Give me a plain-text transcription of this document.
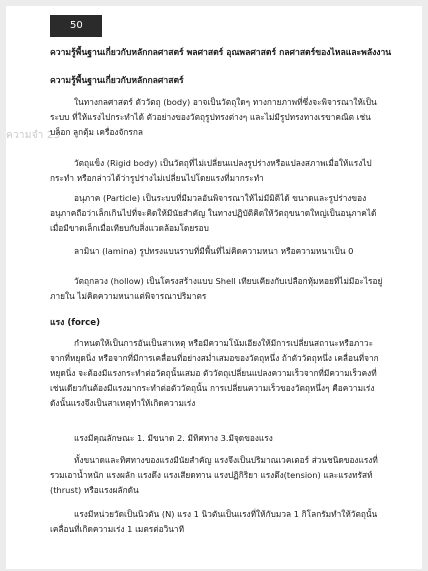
50
ความจำ 23
ความรู้พื้นฐานเกี่ยวกับหลักกลศาสตร์ พลศาสตร์ อุณพลศาสตร์ กลศาสตร์ของไหลและพลังงาน
ความรู้พื้นฐานเกี่ยวกับหลักกลศาสตร์
ในทางกลศาสตร์ ตัววัตถุ (body) อาจเป็นวัตถุใดๆ ทางกายภาพที่ซึ่งจะพิจารณาให้เป็นระบบ ที่ให้แรงไปกระทำได้ ตัวอย่างของวัตถุรูปทรงต่างๆ และไม่มีรูปทรงทางเรขาคณิต เช่น บล็อก ลูกตุ้ม เครื่องจักรกล
วัตถุแข็ง (Rigid body) เป็นวัตถุที่ไม่เปลี่ยนแปลงรูปร่างหรือแปลงสภาพเมื่อให้แรงไปกระทำ หรือกล่าวได้ว่ารูปร่างไม่เปลี่ยนไปโดยแรงที่มากระทำ
อนุภาค (Particle) เป็นระบบที่มีมวลอันพิจารณาให้ไม่มีมิติได้ ขนาดและรูปร่างของอนุภาคถือว่าเล็กเกินไปที่จะคิดให้มีนัยสำคัญ ในทางปฏิบัติคิดให้วัตถุขนาดใหญ่เป็นอนุภาคได้เมื่อมีขาดเล็กเมื่อเทียบกับสิ่งแวดล้อมโดยรอบ
ลามินา (lamina) รูปทรงแบนราบที่มีพื้นที่ไม่คิดความหนา หรือความหนาเป็น 0
วัตถุกลวง (hollow) เป็นโครงสร้างแบบ Shell เทียบเคียงกับเปลือกหุ้มหอยที่ไม่มีอะไรอยู่ภายใน ไม่คิดความหนาแต่พิจารณาปริมาตร
แรง (force)
กำหนดให้เป็นการอันเป็นสาเหตุ หรือมีความโน้มเอียงให้มีการเปลี่ยนสถานะหรือภาวะจากที่หยุดนิ่ง หรือจากที่มีการเคลื่อนที่อย่างสม่ำเสมอของวัตถุหนึ่ง ถ้าตัววัตถุหนึ่ง เคลื่อนที่จากหยุดนิ่ง จะต้องมีแรงกระทำต่อวัตถุนั้นเสมอ ตัววัตถุเปลี่ยนแปลงความเร็วจากที่มีความเร็วคงที่ เช่นเดียวกันต้องมีแรงมากระทำต่อตัววัตถุนั้น การเปลี่ยนความเร็วของวัตถุหนึ่งๆ คือความเร่ง ดังนั้นแรงจึงเป็นสาเหตุทำให้เกิดความเร่ง
แรงมีคุณลักษณะ 1. มีขนาด 2. มีทิศทาง 3.มีจุดของแรง
ทั้งขนาดและทิศทางของแรงมีนัยสำคัญ แรงจึงเป็นปริมาณเวคเตอร์ ส่วนชนิดของแรงที่รวมเอาน้ำหนัก แรงผลัก แรงดึง แรงเสียดทาน แรงปฏิกิริยา แรงตึง(tension) และแรงทรัสท์ (thrust) หรือแรงผลักดัน
แรงมีหน่วยวัดเป็นนิวตัน (N) แรง 1 นิวตันเป็นแรงที่ให้กับมวล 1 กิโลกรัมทำให้วัตถุนั้นเคลื่อนที่เกิดความเร่ง 1 เมตรต่อวินาที
